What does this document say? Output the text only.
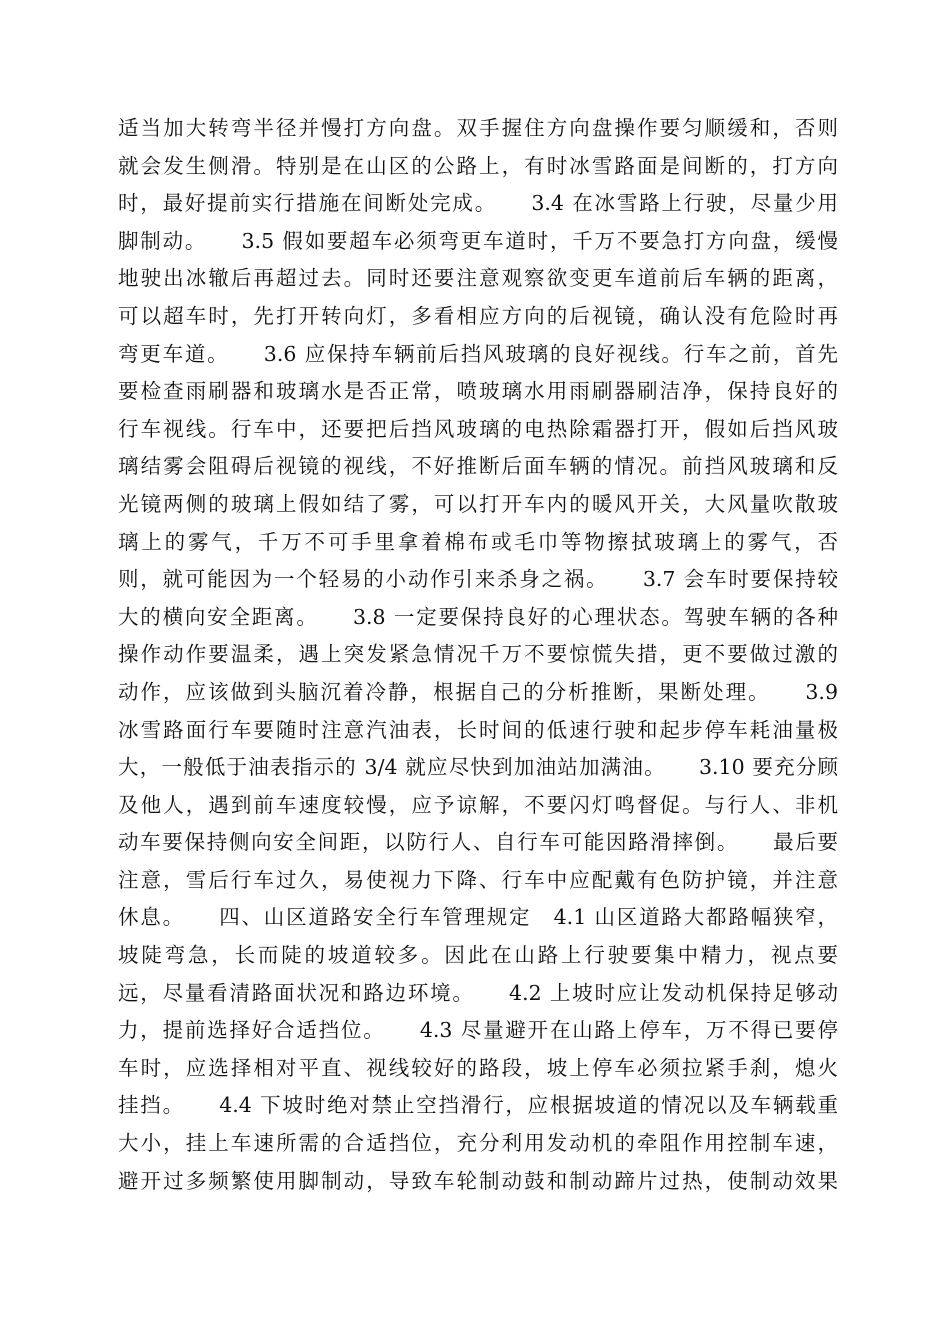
适当加大转弯半径并慢打方向盘。双手握住方向盘操作要匀顺缓和，否则
就会发生侧滑。特别是在山区的公路上，有时冰雪路面是间断的，打方向
时，最好提前实行措施在间断处完成。　　3.4 在冰雪路上行驶，尽量少用
脚制动。　　3.5 假如要超车必须弯更车道时，千万不要急打方向盘，缓慢
地驶出冰辙后再超过去。同时还要注意观察欲变更车道前后车辆的距离，
可以超车时，先打开转向灯，多看相应方向的后视镜，确认没有危险时再
弯更车道。　　3.6 应保持车辆前后挡风玻璃的良好视线。行车之前，首先
要检查雨刷器和玻璃水是否正常，喷玻璃水用雨刷器刷洁净，保持良好的
行车视线。行车中，还要把后挡风玻璃的电热除霜器打开，假如后挡风玻
璃结雾会阻碍后视镜的视线，不好推断后面车辆的情况。前挡风玻璃和反
光镜两侧的玻璃上假如结了雾，可以打开车内的暖风开关，大风量吹散玻
璃上的雾气，千万不可手里拿着棉布或毛巾等物擦拭玻璃上的雾气，否
则，就可能因为一个轻易的小动作引来杀身之祸。　　3.7 会车时要保持较
大的横向安全距离。　　3.8 一定要保持良好的心理状态。驾驶车辆的各种
操作动作要温柔，遇上突发紧急情况千万不要惊慌失措，更不要做过激的
动作，应该做到头脑沉着冷静，根据自己的分析推断，果断处理。　　3.9
冰雪路面行车要随时注意汽油表，长时间的低速行驶和起步停车耗油量极
大，一般低于油表指示的 3/4 就应尽快到加油站加满油。　　3.10 要充分顾
及他人，遇到前车速度较慢，应予谅解，不要闪灯鸣督促。与行人、非机
动车要保持侧向安全间距，以防行人、自行车可能因路滑摔倒。　　最后要
注意，雪后行车过久，易使视力下降、行车中应配戴有色防护镜，并注意
休息。　　四、山区道路安全行车管理规定　4.1 山区道路大都路幅狭窄，
坡陡弯急，长而陡的坡道较多。因此在山路上行驶要集中精力，视点要
远，尽量看清路面状况和路边环境。　　4.2 上坡时应让发动机保持足够动
力，提前选择好合适挡位。　　4.3 尽量避开在山路上停车，万不得已要停
车时，应选择相对平直、视线较好的路段，坡上停车必须拉紧手刹，熄火
挂挡。　　4.4 下坡时绝对禁止空挡滑行，应根据坡道的情况以及车辆载重
大小，挂上车速所需的合适挡位，充分利用发动机的牵阻作用控制车速，
避开过多频繁使用脚制动，导致车轮制动鼓和制动蹄片过热，使制动效果
